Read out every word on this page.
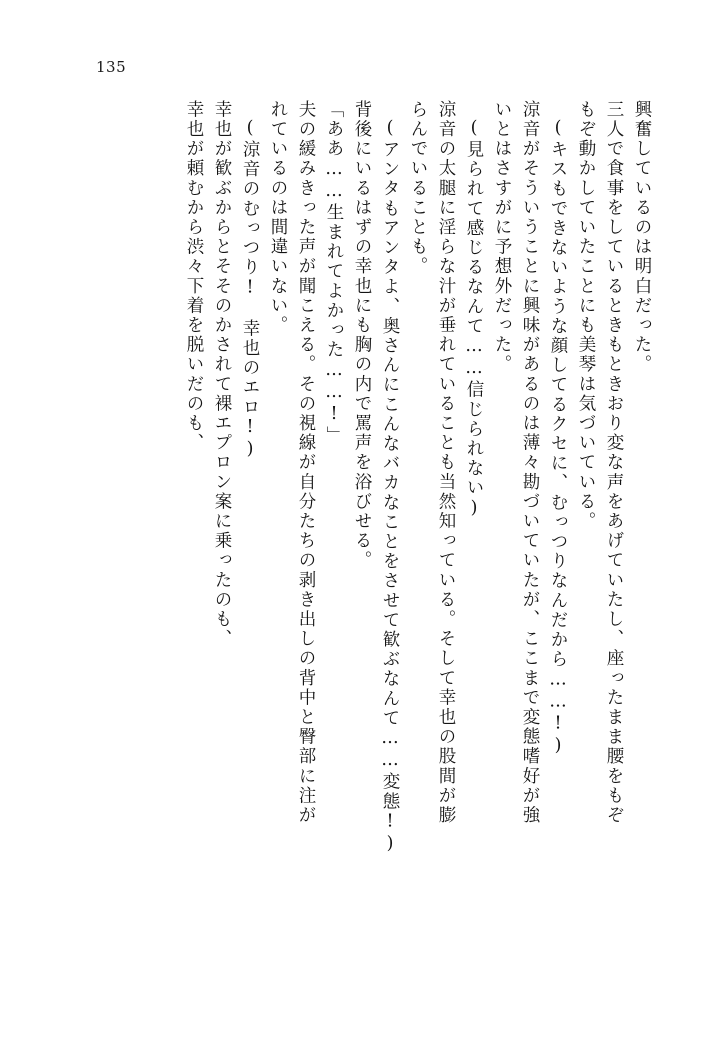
135
興奮しているのは明白だった。
三人で食事をしているときもときおり変な声をあげていたし、座ったまま腰をもぞ
もぞ動かしていたことにも美琴は気づいている。
(キスもできないような顔してるクセに、むっつりなんだから……!)
涼音がそういうことに興味があるのは薄々勘づいていたが、ここまで変態嗜好が強
いとはさすがに予想外だった。
(見られて感じるなんて……信じられない)
涼音の太腿に淫らな汁が垂れていることも当然知っている。そして幸也の股間が膨
らんでいることも。
(アンタもアンタよ、奥さんにこんなバカなことをさせて歓ぶなんて……変態!)
背後にいるはずの幸也にも胸の内で罵声を浴びせる。
「ああ……生まれてよかった……!」
夫の緩みきった声が聞こえる。その視線が自分たちの剥き出しの背中と臀部に注が
れているのは間違いない。
(涼音のむっつり!　幸也のエロ!)
幸也が歓ぶからとそそのかされて裸エプロン案に乗ったのも、
幸也が頼むから渋々下着を脱いだのも、
